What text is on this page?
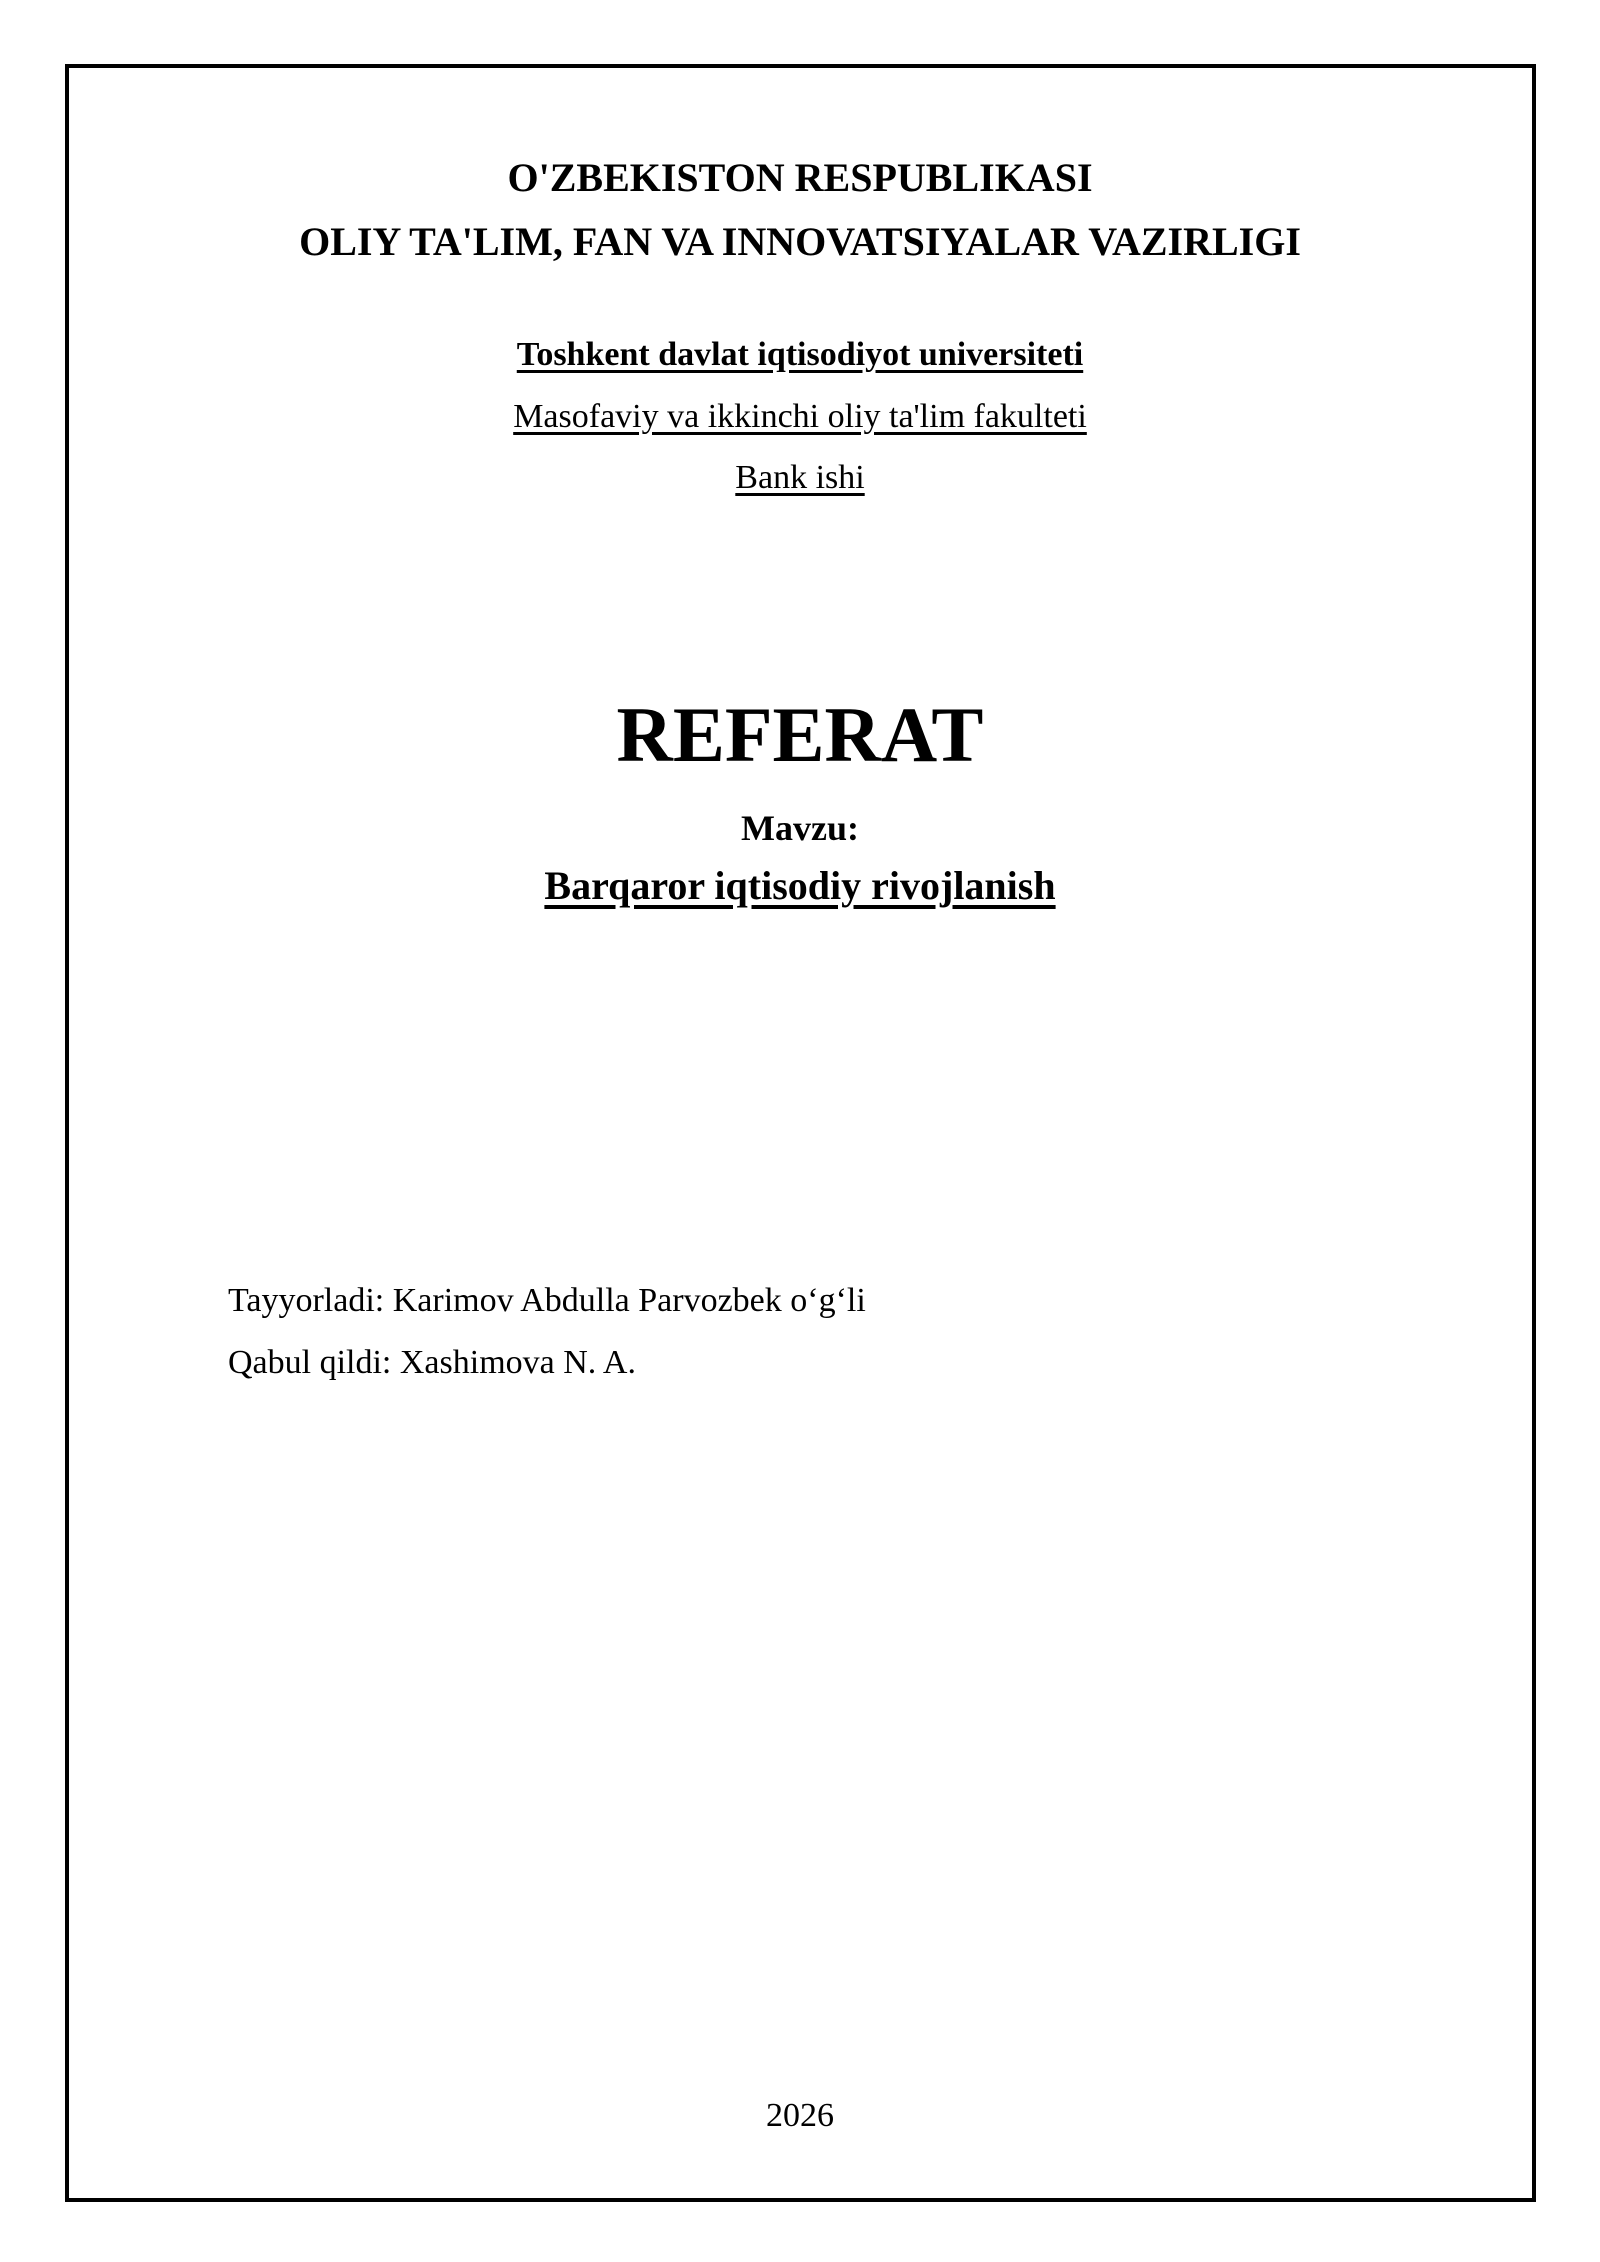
O'ZBEKISTON RESPUBLIKASI
OLIY TA'LIM, FAN VA INNOVATSIYALAR VAZIRLIGI
Toshkent davlat iqtisodiyot universiteti
Masofaviy va ikkinchi oliy ta'lim fakulteti
Bank ishi
REFERAT
Mavzu:
Barqaror iqtisodiy rivojlanish
Tayyorladi: Karimov Abdulla Parvozbek o‘g‘li
Qabul qildi: Xashimova N. A.
2026
